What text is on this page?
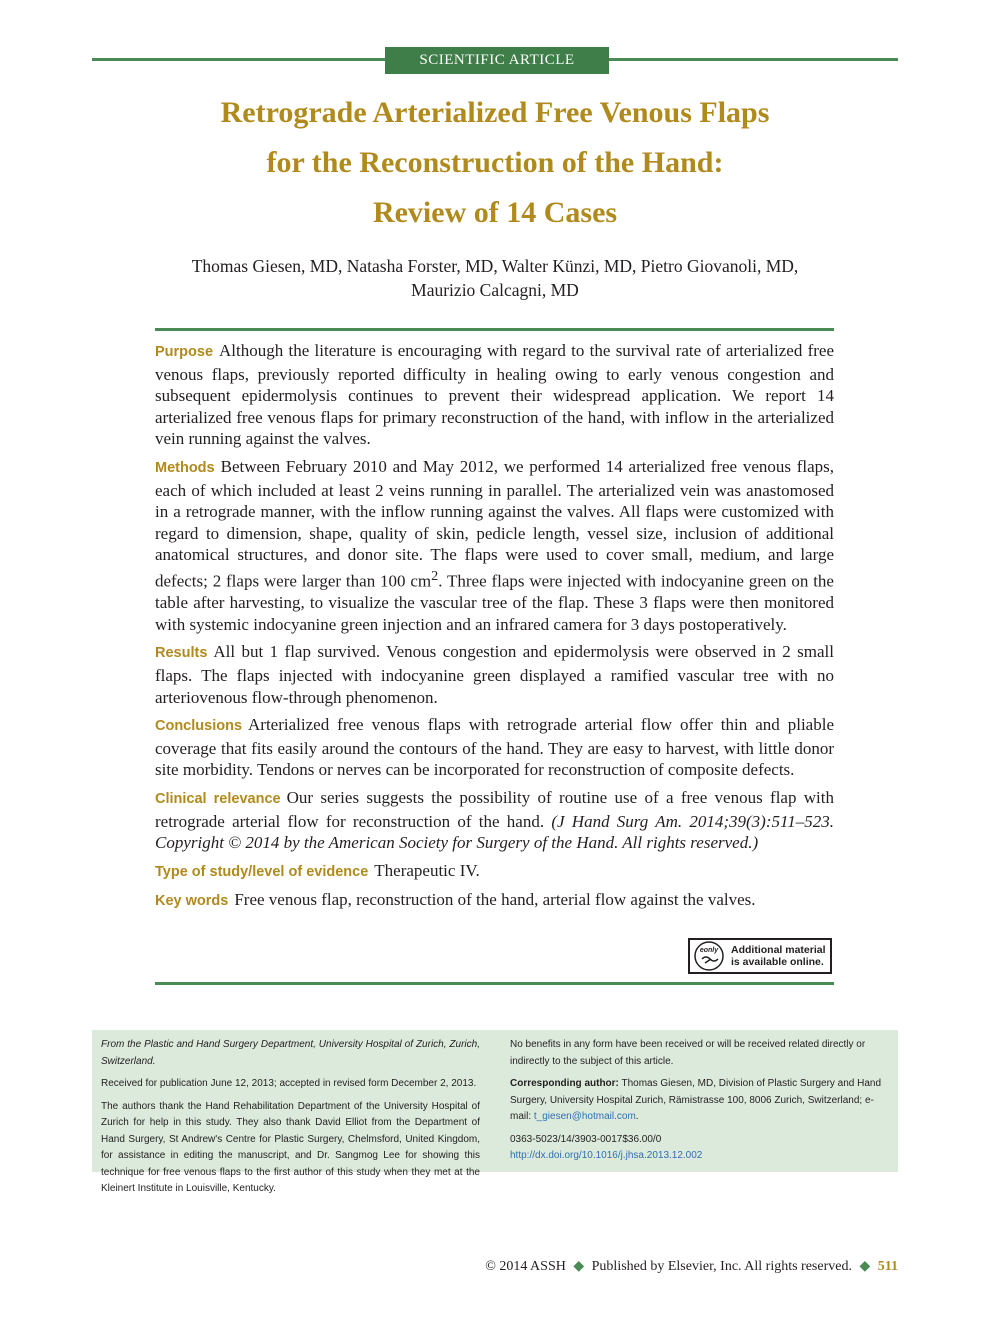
SCIENTIFIC ARTICLE
Retrograde Arterialized Free Venous Flaps
for the Reconstruction of the Hand:
Review of 14 Cases
Thomas Giesen, MD, Natasha Forster, MD, Walter Künzi, MD, Pietro Giovanoli, MD,
Maurizio Calcagni, MD

Purpose Although the literature is encouraging with regard to the survival rate of arterialized free venous flaps, previously reported difficulty in healing owing to early venous congestion and subsequent epidermolysis continues to prevent their widespread application. We report 14 arterialized free venous flaps for primary reconstruction of the hand, with inflow in the arterialized vein running against the valves.

Methods Between February 2010 and May 2012, we performed 14 arterialized free venous flaps, each of which included at least 2 veins running in parallel. The arterialized vein was anastomosed in a retrograde manner, with the inflow running against the valves. All flaps were customized with regard to dimension, shape, quality of skin, pedicle length, vessel size, inclusion of additional anatomical structures, and donor site. The flaps were used to cover small, medium, and large defects; 2 flaps were larger than 100 $cm^2$. Three flaps were injected with indocyanine green on the table after harvesting, to visualize the vascular tree of the flap. These 3 flaps were then monitored with systemic indocyanine green injection and an infrared camera for 3 days postoperatively.

Results All but 1 flap survived. Venous congestion and epidermolysis were observed in 2 small flaps. The flaps injected with indocyanine green displayed a ramified vascular tree with no arteriovenous flow-through phenomenon.

Conclusions Arterialized free venous flaps with retrograde arterial flow offer thin and pliable coverage that fits easily around the contours of the hand. They are easy to harvest, with little donor site morbidity. Tendons or nerves can be incorporated for reconstruction of composite defects.

Clinical relevance Our series suggests the possibility of routine use of a free venous flap with retrograde arterial flow for reconstruction of the hand. (J Hand Surg Am. 2014;39(3):511–523. Copyright © 2014 by the American Society for Surgery of the Hand. All rights reserved.)

Type of study/level of evidence Therapeutic IV.

Key words Free venous flap, reconstruction of the hand, arterial flow against the valves.

eonly Additional material
is available online.

From the Plastic and Hand Surgery Department, University Hospital of Zurich, Zurich, Switzerland.

Received for publication June 12, 2013; accepted in revised form December 2, 2013.

The authors thank the Hand Rehabilitation Department of the University Hospital of Zurich for help in this study. They also thank David Elliot from the Department of Hand Surgery, St Andrew's Centre for Plastic Surgery, Chelmsford, United Kingdom, for assistance in editing the manuscript, and Dr. Sangmog Lee for showing this technique for free venous flaps to the first author of this study when they met at the Kleinert Institute in Louisville, Kentucky.

No benefits in any form have been received or will be received related directly or indirectly to the subject of this article.

Corresponding author: Thomas Giesen, MD, Division of Plastic Surgery and Hand Surgery, University Hospital Zurich, Rämistrasse 100, 8006 Zurich, Switzerland; e-mail: t_giesen@hotmail.com.

0363-5023/14/3903-0017$36.00/0
http://dx.doi.org/10.1016/j.jhsa.2013.12.002

© 2014 ASSH ◆ Published by Elsevier, Inc. All rights reserved. ◆ 511
